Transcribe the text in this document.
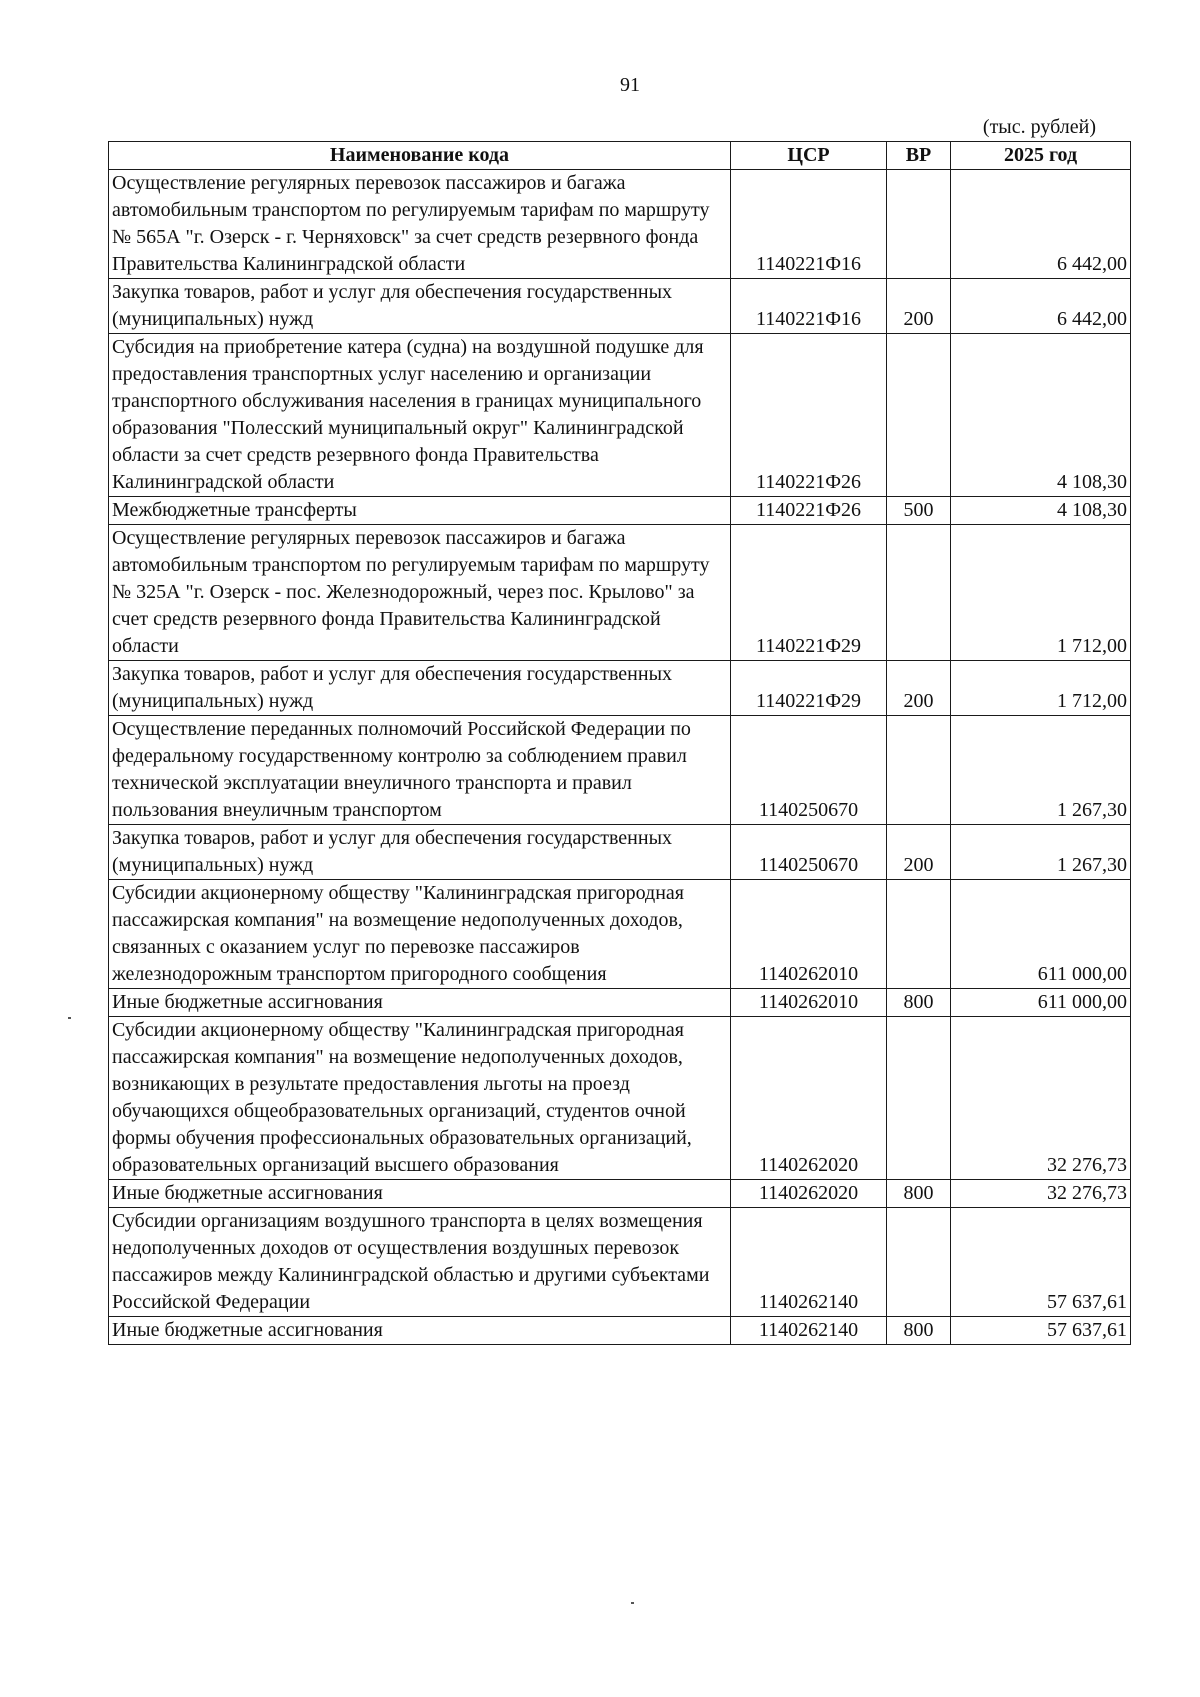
91
(тыс. рублей)
Наименование кода	ЦСР	ВР	2025 год
Осуществление регулярных перевозок пассажиров и багажа автомобильным транспортом по регулируемым тарифам по маршруту № 565А "г. Озерск - г. Черняховск" за счет средств резервного фонда Правительства Калининградской области	1140221Ф16		6 442,00
Закупка товаров, работ и услуг для обеспечения государственных (муниципальных) нужд	1140221Ф16	200	6 442,00
Субсидия на приобретение катера (судна) на воздушной подушке для предоставления транспортных услуг населению и организации транспортного обслуживания населения в границах муниципального образования "Полесский муниципальный округ" Калининградской области за счет средств резервного фонда Правительства Калининградской области	1140221Ф26		4 108,30
Межбюджетные трансферты	1140221Ф26	500	4 108,30
Осуществление регулярных перевозок пассажиров и багажа автомобильным транспортом по регулируемым тарифам по маршруту № 325А "г. Озерск - пос. Железнодорожный, через пос. Крылово" за счет средств резервного фонда Правительства Калининградской области	1140221Ф29		1 712,00
Закупка товаров, работ и услуг для обеспечения государственных (муниципальных) нужд	1140221Ф29	200	1 712,00
Осуществление переданных полномочий Российской Федерации по федеральному государственному контролю за соблюдением правил технической эксплуатации внеуличного транспорта и правил пользования внеуличным транспортом	1140250670		1 267,30
Закупка товаров, работ и услуг для обеспечения государственных (муниципальных) нужд	1140250670	200	1 267,30
Субсидии акционерному обществу "Калининградская пригородная пассажирская компания" на возмещение недополученных доходов, связанных с оказанием услуг по перевозке пассажиров железнодорожным транспортом пригородного сообщения	1140262010		611 000,00
Иные бюджетные ассигнования	1140262010	800	611 000,00
Субсидии акционерному обществу "Калининградская пригородная пассажирская компания" на возмещение недополученных доходов, возникающих в результате предоставления льготы на проезд обучающихся общеобразовательных организаций, студентов очной формы обучения профессиональных образовательных организаций, образовательных организаций высшего образования	1140262020		32 276,73
Иные бюджетные ассигнования	1140262020	800	32 276,73
Субсидии организациям воздушного транспорта в целях возмещения недополученных доходов от осуществления воздушных перевозок пассажиров между Калининградской областью и другими субъектами Российской Федерации	1140262140		57 637,61
Иные бюджетные ассигнования	1140262140	800	57 637,61
